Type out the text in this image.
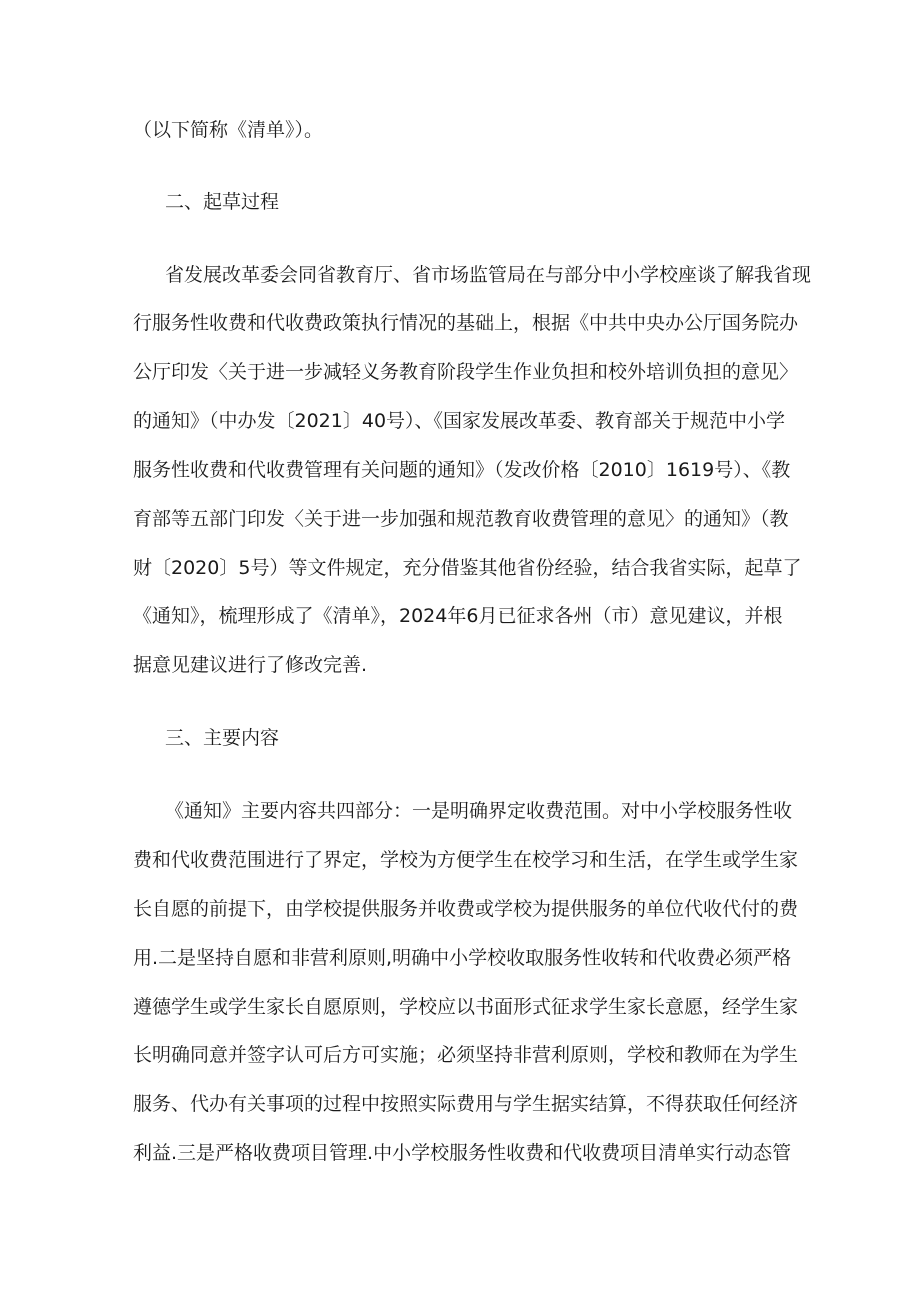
（以下简称《清单》）。
二、起草过程
省发展改革委会同省教育厅、省市场监管局在与部分中小学校座谈了解我省现
行服务性收费和代收费政策执行情况的基础上，根据《中共中央办公厅国务院办
公厅印发〈关于进一步减轻义务教育阶段学生作业负担和校外培训负担的意见〉
的通知》（中办发〔2021〕40号）、《国家发展改革委、教育部关于规范中小学
服务性收费和代收费管理有关问题的通知》（发改价格〔2010〕1619号）、《教
育部等五部门印发〈关于进一步加强和规范教育收费管理的意见〉的通知》（教
财〔2020〕5号）等文件规定，充分借鉴其他省份经验，结合我省实际，起草了
《通知》，梳理形成了《清单》，2024年6月已征求各州（市）意见建议，并根
据意见建议进行了修改完善.
三、主要内容
《通知》主要内容共四部分：一是明确界定收费范围。对中小学校服务性收
费和代收费范围进行了界定，学校为方便学生在校学习和生活，在学生或学生家
长自愿的前提下，由学校提供服务并收费或学校为提供服务的单位代收代付的费
用.二是坚持自愿和非营利原则,明确中小学校收取服务性收转和代收费必须严格
遵德学生或学生家长自愿原则，学校应以书面形式征求学生家长意愿，经学生家
长明确同意并签字认可后方可实施；必须坚持非营利原则，学校和教师在为学生
服务、代办有关事项的过程中按照实际费用与学生据实结算，不得获取任何经济
利益.三是严格收费项目管理.中小学校服务性收费和代收费项目清单实行动态管
